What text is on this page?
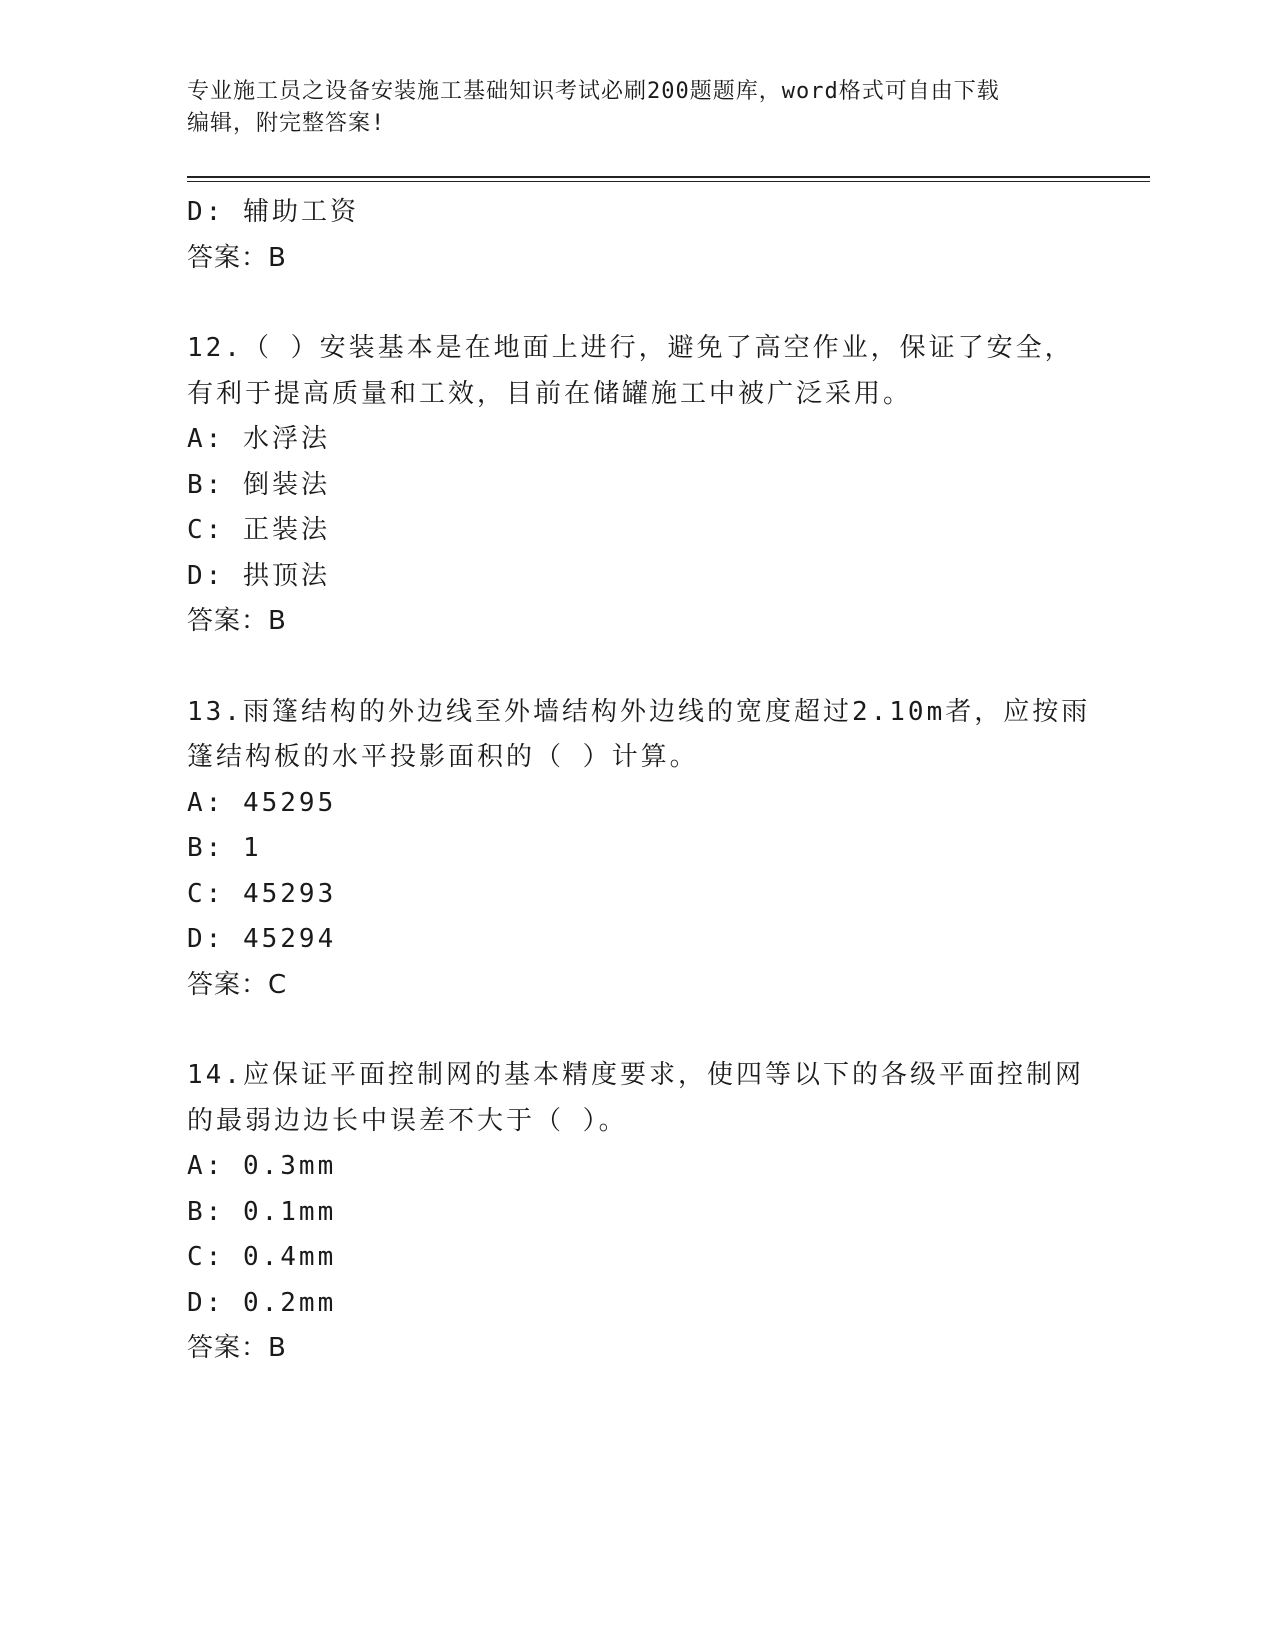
专业施工员之设备安装施工基础知识考试必刷200题题库，word格式可自由下载
编辑，附完整答案!
D: 辅助工资
答案：B
12.（ ）安装基本是在地面上进行，避免了高空作业，保证了安全，
有利于提高质量和工效，目前在储罐施工中被广泛采用。
A: 水浮法
B: 倒装法
C: 正装法
D: 拱顶法
答案：B
13.雨篷结构的外边线至外墙结构外边线的宽度超过2.10m者，应按雨
篷结构板的水平投影面积的（ ）计算。
A: 45295
B: 1
C: 45293
D: 45294
答案：C
14.应保证平面控制网的基本精度要求，使四等以下的各级平面控制网
的最弱边边长中误差不大于（ ）。
A: 0.3mm
B: 0.1mm
C: 0.4mm
D: 0.2mm
答案：B
